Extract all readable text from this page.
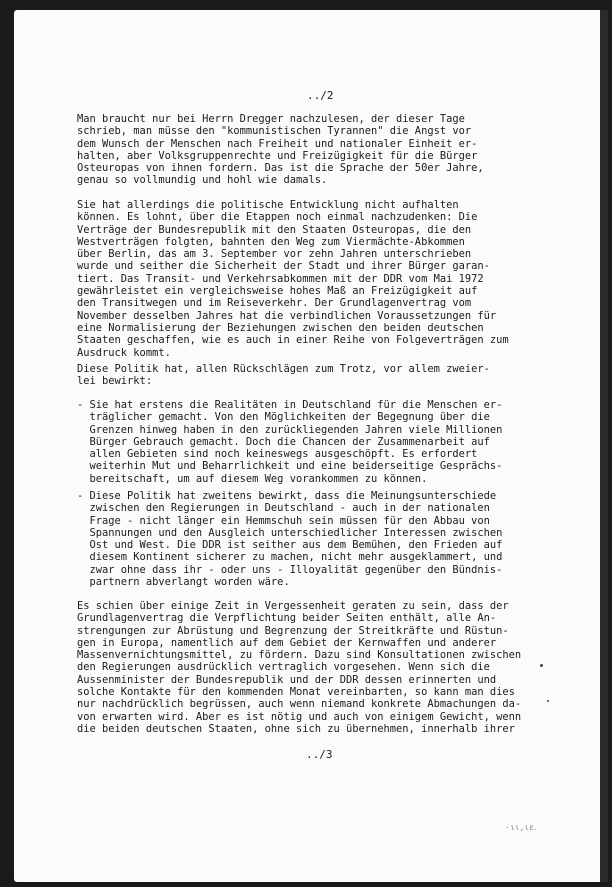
../2

Man braucht nur bei Herrn Dregger nachzulesen, der dieser Tage
schrieb, man müsse den "kommunistischen Tyrannen" die Angst vor
dem Wunsch der Menschen nach Freiheit und nationaler Einheit er-
halten, aber Volksgruppenrechte und Freizügigkeit für die Bürger
Osteuropas von ihnen fordern. Das ist die Sprache der 50er Jahre,
genau so vollmundig und hohl wie damals.

Sie hat allerdings die politische Entwicklung nicht aufhalten
können. Es lohnt, über die Etappen noch einmal nachzudenken: Die
Verträge der Bundesrepublik mit den Staaten Osteuropas, die den
Westverträgen folgten, bahnten den Weg zum Viermächte-Abkommen
über Berlin, das am 3. September vor zehn Jahren unterschrieben
wurde und seither die Sicherheit der Stadt und ihrer Bürger garan-
tiert. Das Transit- und Verkehrsabkommen mit der DDR vom Mai 1972
gewährleistet ein vergleichsweise hohes Maß an Freizügigkeit auf
den Transitwegen und im Reiseverkehr. Der Grundlagenvertrag vom
November desselben Jahres hat die verbindlichen Voraussetzungen für
eine Normalisierung der Beziehungen zwischen den beiden deutschen
Staaten geschaffen, wie es auch in einer Reihe von Folgeverträgen zum
Ausdruck kommt.

Diese Politik hat, allen Rückschlägen zum Trotz, vor allem zweier-
lei bewirkt:

- Sie hat erstens die Realitäten in Deutschland für die Menschen er-
träglicher gemacht. Von den Möglichkeiten der Begegnung über die
Grenzen hinweg haben in den zurückliegenden Jahren viele Millionen
Bürger Gebrauch gemacht. Doch die Chancen der Zusammenarbeit auf
allen Gebieten sind noch keineswegs ausgeschöpft. Es erfordert
weiterhin Mut und Beharrlichkeit und eine beiderseitige Gesprächs-
bereitschaft, um auf diesem Weg vorankommen zu können.

- Diese Politik hat zweitens bewirkt, dass die Meinungsunterschiede
zwischen den Regierungen in Deutschland - auch in der nationalen
Frage - nicht länger ein Hemmschuh sein müssen für den Abbau von
Spannungen und den Ausgleich unterschiedlicher Interessen zwischen
Ost und West. Die DDR ist seither aus dem Bemühen, den Frieden auf
diesem Kontinent sicherer zu machen, nicht mehr ausgeklammert, und
zwar ohne dass ihr - oder uns - Illoyalität gegenüber den Bündnis-
partnern abverlangt worden wäre.

Es schien über einige Zeit in Vergessenheit geraten zu sein, dass der
Grundlagenvertrag die Verpflichtung beider Seiten enthält, alle An-
strengungen zur Abrüstung und Begrenzung der Streitkräfte und Rüstun-
gen in Europa, namentlich auf dem Gebiet der Kernwaffen und anderer
Massenvernichtungsmittel, zu fördern. Dazu sind Konsultationen zwischen
den Regierungen ausdrücklich vertraglich vorgesehen. Wenn sich die
Aussenminister der Bundesrepublik und der DDR dessen erinnerten und
solche Kontakte für den kommenden Monat vereinbarten, so kann man dies
nur nachdrücklich begrüssen, auch wenn niemand konkrete Abmachungen da-
von erwarten wird. Aber es ist nötig und auch von einigem Gewicht, wenn
die beiden deutschen Staaten, ohne sich zu übernehmen, innerhalb ihrer

../3
·ιι‚ιε․
